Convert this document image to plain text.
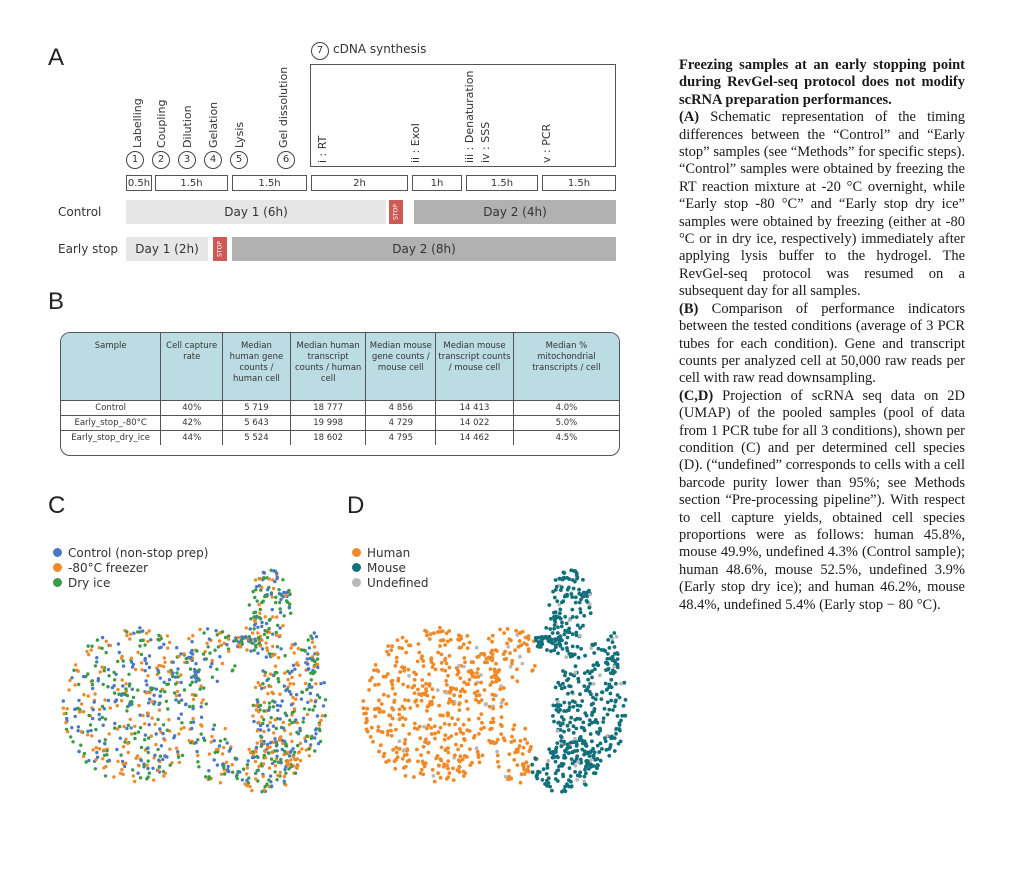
A
B
C	D
Labelling Coupling Dilution Gelation Lysis	Gel dissolution
1	2	3	4	5	6
7 cDNA synthesis
i : RT	ii : ExoI	iii : Denaturation iv : SSS	v : PCR
0.5h	1.5h	1.5h	2h	1h	1.5h	1.5h
Control	Day 1 (6h)	STOP	Day 2 (4h)
Early stop	Day 1 (2h)	STOP	Day 2 (8h)
Sample	Cell capture rate	Median human gene counts / human cell	Median human transcript counts / human cell	Median mouse gene counts / mouse cell	Median mouse transcript counts / mouse cell	Median % mitochondrial transcripts / cell
Control	40%	5 719	18 777	4 856	14 413	4.0%
Early_stop_-80°C	42%	5 643	19 998	4 729	14 022	5.0%
Early_stop_dry_ice	44%	5 524	18 602	4 795	14 462	4.5%
Control (non-stop prep)
-80°C freezer
Dry ice
Human
Mouse
Undefined

Freezing samples at an early stopping point during RevGel-seq protocol does not modify scRNA preparation performances.

(A) Schematic representation of the timing differences between the “Control” and “Early stop” samples (see “Methods” for specific steps). “Control” samples were obtained by freezing the RT reaction mixture at -20 °C overnight, while “Early stop -80 °C” and “Early stop dry ice” samples were obtained by freezing (either at -80 °C or in dry ice, respectively) immediately after applying lysis buffer to the hydrogel. The RevGel-seq protocol was resumed on a subsequent day for all samples.

(B) Comparison of performance indicators between the tested conditions (average of 3 PCR tubes for each condition). Gene and transcript counts per analyzed cell at 50,000 raw reads per cell with raw read downsampling.

(C,D) Projection of scRNA seq data on 2D (UMAP) of the pooled samples (pool of data from 1 PCR tube for all 3 conditions), shown per condition (C) and per determined cell species (D). (“undefined” corresponds to cells with a cell barcode purity lower than 95%; see Methods section “Pre-processing pipeline”). With respect to cell capture yields, obtained cell species proportions were as follows: human 45.8%, mouse 49.9%, undefined 4.3% (Control sample); human 48.6%, mouse 52.5%, undefined 3.9% (Early stop dry ice); and human 46.2%, mouse 48.4%, undefined 5.4% (Early stop − 80 °C).
